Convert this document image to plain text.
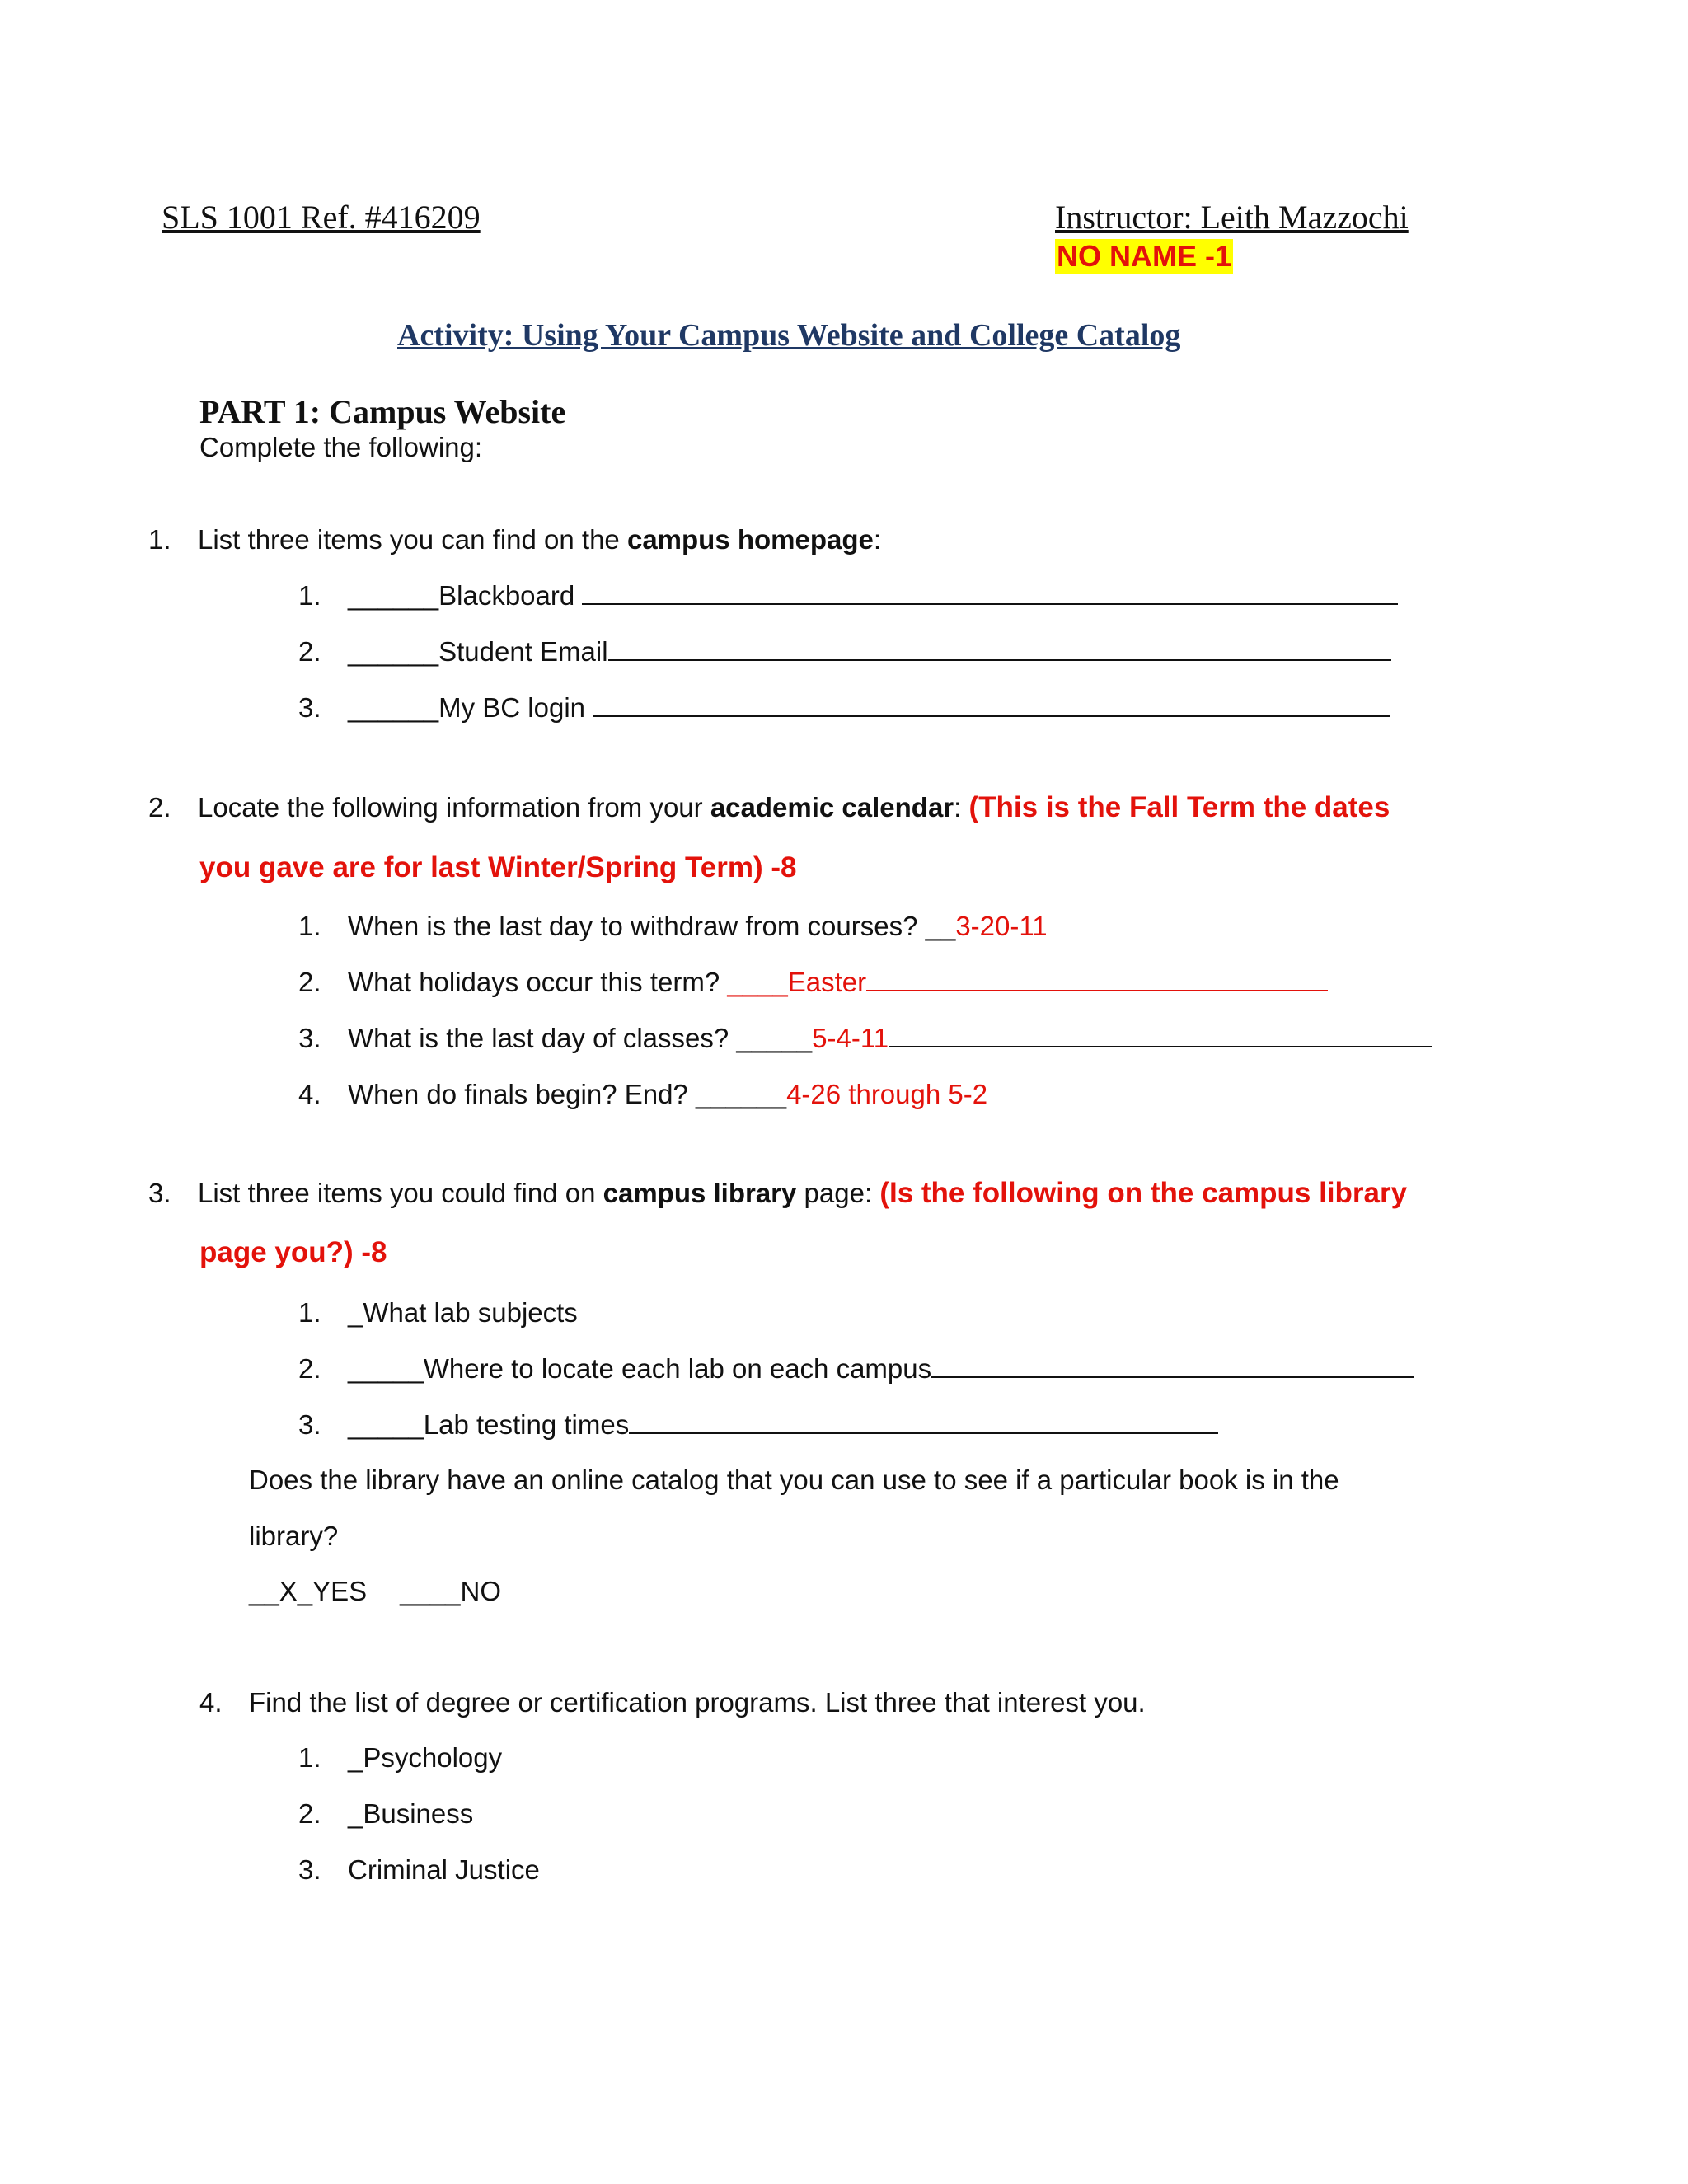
SLS 1001 Ref. #416209	Instructor: Leith Mazzochi
NO NAME -1
Activity: Using Your Campus Website and College Catalog
PART 1: Campus Website
Complete the following:
1. List three items you can find on the campus homepage:
1. ______Blackboard
2. ______Student Email
3. ______My BC login
2. Locate the following information from your academic calendar: (This is the Fall Term the dates
you gave are for last Winter/Spring Term) -8
1. When is the last day to withdraw from courses? __3-20-11
2. What holidays occur this term? ____Easter
3. What is the last day of classes? _____5-4-11
4. When do finals begin? End? ______4-26 through 5-2
3. List three items you could find on campus library page: (Is the following on the campus library
page you?) -8
1. _What lab subjects
2. _____Where to locate each lab on each campus
3. _____Lab testing times
Does the library have an online catalog that you can use to see if a particular book is in the
library?
__X_YES ____NO
4. Find the list of degree or certification programs. List three that interest you.
1. _Psychology
2. _Business
3. Criminal Justice
